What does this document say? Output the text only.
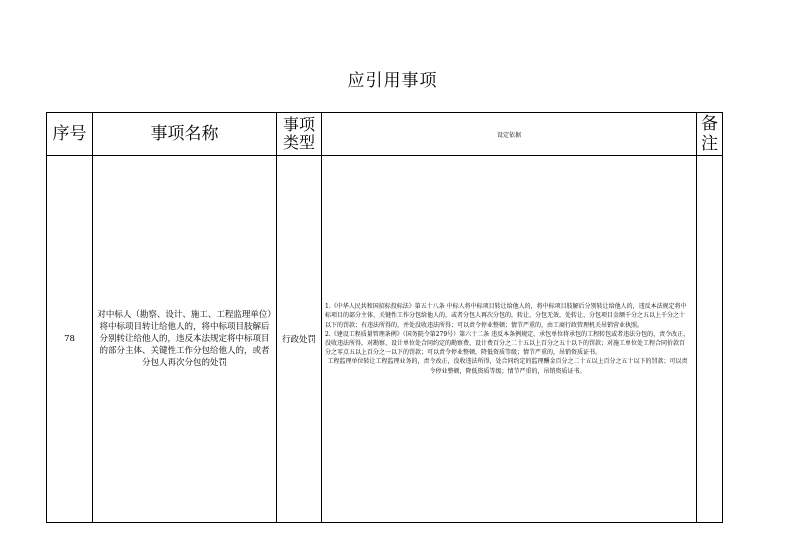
应引用事项
序号	事项名称	事项类型	设定依据	备注
78	对中标人（勘察、设计、施工、工程监理单位）将中标项目转让给他人的，将中标项目肢解后分别转让给他人的，违反本法规定将中标项目的部分主体、关键性工作分包给他人的，或者分包人再次分包的处罚	行政处罚	1.《中华人民共和国招标投标法》第五十八条 中标人将中标项目转让给他人的，将中标项目肢解后分别转让给他人的，违反本法规定将中标项目的部分主体、关键性工作分包给他人的，或者分包人再次分包的，转让、分包无效，处转让、分包项目金额千分之五以上千分之十以下的罚款；有违法所得的，并处没收违法所得；可以责令停业整顿；情节严重的，由工商行政管理机关吊销营业执照。

2.《建设工程质量管理条例》（国务院令第279号）第六十二条 违反本条例规定，承包单位将承包的工程转包或者违法分包的，责令改正，没收违法所得，对勘察、设计单位处合同约定的勘察费、设计费百分之二十五以上百分之五十以下的罚款；对施工单位处工程合同价款百分之零点五以上百分之一以下的罚款；可以责令停业整顿，降低资质等级；情节严重的，吊销资质证书。

工程监理单位转让工程监理业务的，责令改正，没收违法所得，处合同约定的监理酬金百分之二十五以上百分之五十以下的罚款；可以责令停业整顿，降低资质等级；情节严重的，吊销资质证书。	
